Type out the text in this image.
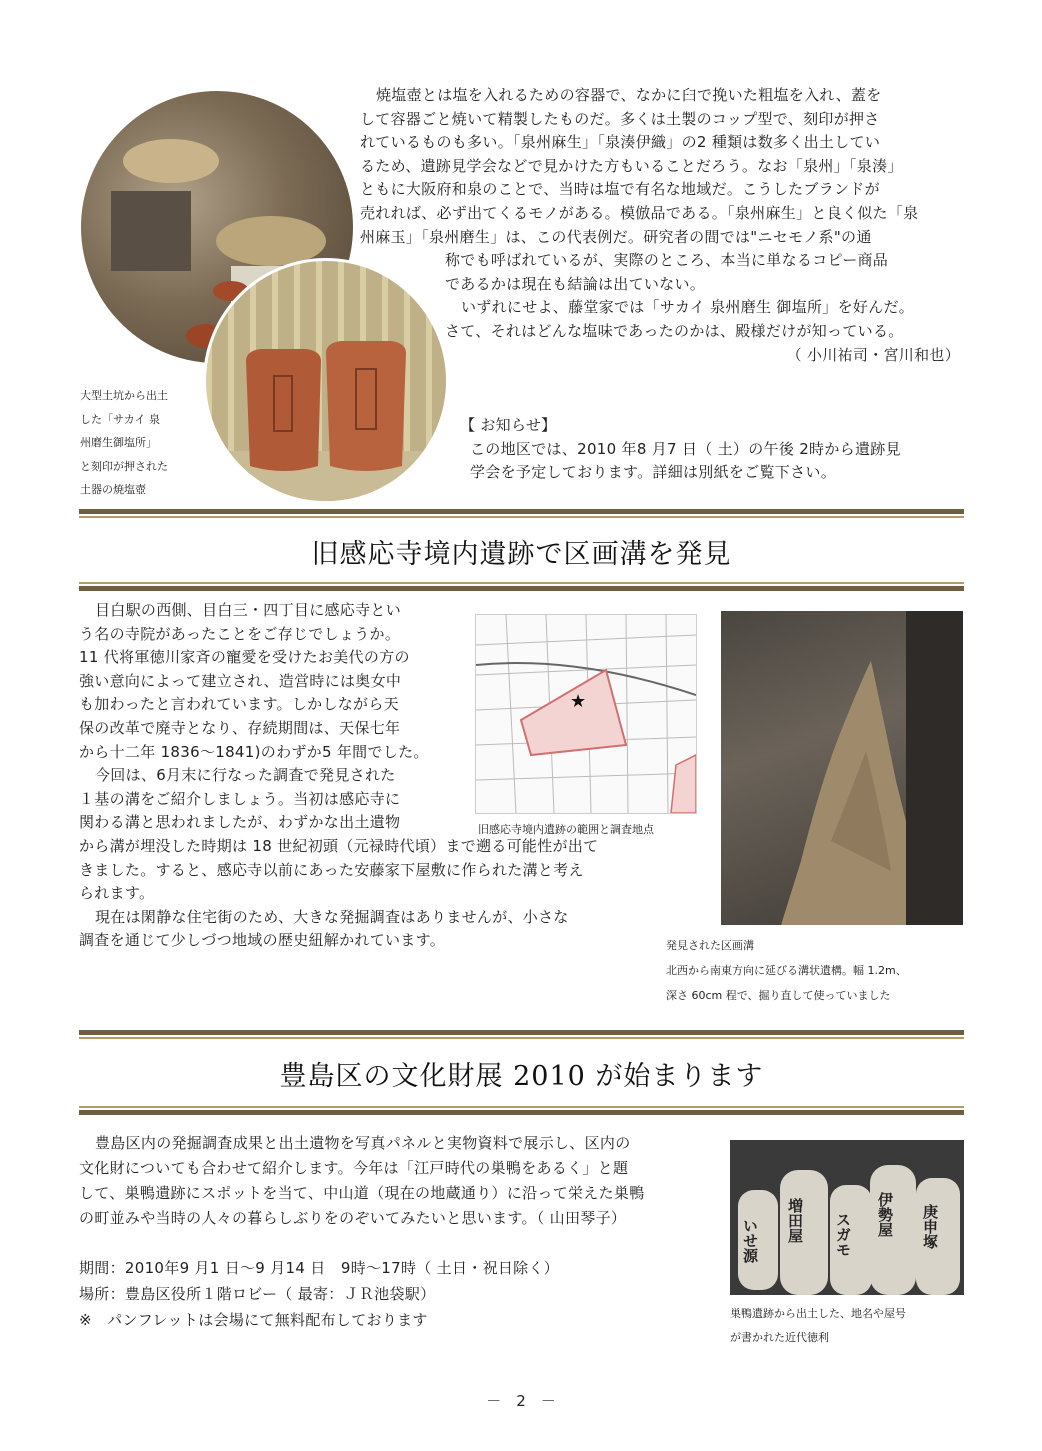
大型土坑から出土
した「サカイ 泉
州磨生御塩所」
と刻印が押された
土器の焼塩壺

焼塩壺とは塩を入れるための容器で、なかに臼で挽いた粗塩を入れ、蓋を

して容器ごと焼いて精製したものだ。多くは土製のコップ型で、刻印が押さ

れているものも多い。「泉州麻生」「泉湊伊織」の2 種類は数多く出土してい

るため、遺跡見学会などで見かけた方もいることだろう。なお「泉州」「泉湊」

ともに大阪府和泉のことで、当時は塩で有名な地域だ。こうしたブランドが

売れれば、必ず出てくるモノがある。模倣品である。「泉州麻生」と良く似た「泉

州麻玉」「泉州磨生」は、この代表例だ。研究者の間では"ニセモノ系"の通

称でも呼ばれているが、実際のところ、本当に単なるコピー商品

であるかは現在も結論は出ていない。

いずれにせよ、藤堂家では「サカイ 泉州磨生 御塩所」を好んだ。

さて、それはどんな塩味であったのかは、殿様だけが知っている。

（ 小川祐司・宮川和也）

【 お知らせ】

この地区では、2010 年8 月7 日（ 土）の午後 2時から遺跡見

学会を予定しております。詳細は別紙をご覧下さい。

旧感応寺境内遺跡で区画溝を発見

目白駅の西側、目白三・四丁目に感応寺とい

う名の寺院があったことをご存じでしょうか。

11 代将軍徳川家斉の寵愛を受けたお美代の方の

強い意向によって建立され、造営時には奥女中

も加わったと言われています。しかしながら天

保の改革で廃寺となり、存続期間は、天保七年

から十二年 1836～1841)のわずか5 年間でした。

今回は、6月末に行なった調査で発見された

１基の溝をご紹介しましょう。当初は感応寺に

関わる溝と思われましたが、わずかな出土遺物

から溝が埋没した時期は 18 世紀初頭（元禄時代頃）まで遡る可能性が出て

きました。すると、感応寺以前にあった安藤家下屋敷に作られた溝と考え

られます。

現在は閑静な住宅街のため、大きな発掘調査はありませんが、小さな

調査を通じて少しづつ地域の歴史紐解かれています。

★
旧感応寺境内遺跡の範囲と調査地点
発見された区画溝
北西から南東方向に延びる溝状遺構。幅 1.2m、
深さ 60cm 程で、掘り直して使っていました
豊島区の文化財展 2010 が始まります

豊島区内の発掘調査成果と出土遺物を写真パネルと実物資料で展示し、区内の

文化財についても合わせて紹介します。今年は「江戸時代の巣鴨をあるく」と題

して、巣鴨遺跡にスポットを当て、中山道（現在の地蔵通り）に沿って栄えた巣鴨

の町並みや当時の人々の暮らしぶりをのぞいてみたいと思います。（ 山田琴子）

期間：2010年9 月1 日～9 月14 日　9時～17時（ 土日・祝日除く）

場所：豊島区役所１階ロビー（ 最寄：ＪＲ池袋駅）

※　パンフレットは会場にて無料配布しております

いせ源 増田屋 スガモ 伊勢屋 庚申塚
巣鴨遺跡から出土した、地名や屋号
が書かれた近代徳利
－　2　－
